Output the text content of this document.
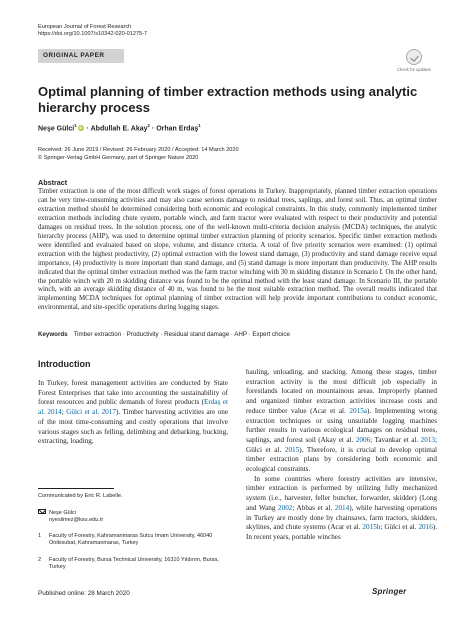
European Journal of Forest Research
https://doi.org/10.1007/s10342-020-01275-7
ORIGINAL PAPER
Check for updates
Optimal planning of timber extraction methods using analytic hierarchy process
Neşe Gülci$^1$ iD · Abdullah E. Akay$^2$ · Orhan Erdaş$^1$
Received: 26 June 2019 / Revised: 26 February 2020 / Accepted: 14 March 2020
© Springer-Verlag GmbH Germany, part of Springer Nature 2020
Abstract

Timber extraction is one of the most difficult work stages of forest operations in Turkey. Inappropriately, planned timber extraction operations can be very time-consuming activities and may also cause serious damage to residual trees, saplings, and forest soil. Thus, an optimal timber extraction method should be determined considering both economic and ecological constraints. In this study, commonly implemented timber extraction methods including chute system, portable winch, and farm tractor were evaluated with respect to their productivity and potential damages on residual trees. In the solution process, one of the well-known multi-criteria decision analysis (MCDA) techniques, the analytic hierarchy process (AHP), was used to determine optimal timber extraction planning of priority scenarios. Specific timber extraction methods were identified and evaluated based on slope, volume, and distance criteria. A total of five priority scenarios were examined: (1) optimal extraction with the highest productivity, (2) optimal extraction with the lowest stand damage, (3) productivity and stand damage receive equal importance, (4) productivity is more important than stand damage, and (5) stand damage is more important than productivity. The AHP results indicated that the optimal timber extraction method was the farm tractor winching with 30 m skidding distance in Scenario I. On the other hand, the portable winch with 20 m skidding distance was found to be the optimal method with the least stand damage. In Scenario III, the portable winch, with an average skidding distance of 40 m, was found to be the most suitable extraction method. The overall results indicated that implementing MCDA techniques for optimal planning of timber extraction will help provide important contributions to conduct economic, environmental, and site-specific operations during logging stages.

Keywords Timber extraction · Productivity · Residual stand damage · AHP · Expert choice
Introduction

In Turkey, forest management activities are conducted by State Forest Enterprises that take into accounting the sustainability of forest resources and public demands of forest products (Erdaş et al. 2014; Gülci et al. 2017). Timber harvesting activities are one of the most time-consuming and costly operations that involve various stages such as felling, delimbing and debarking, bucking, extracting, loading,

hauling, unloading, and stacking. Among these stages, timber extraction activity is the most difficult job especially in forestlands located on mountainous areas. Improperly planned and organized timber extraction activities increase costs and reduce timber value (Acar et al. 2015a). Implementing wrong extraction techniques or using unsuitable logging machines further results in various ecological damages on residual trees, saplings, and forest soil (Akay et al. 2006; Tavankar et al. 2013; Gülci et al. 2015). Therefore, it is crucial to develop optimal timber extraction plans by considering both economic and ecological constraints.

In some countries where forestry activities are intensive, timber extraction is performed by utilizing fully mechanized system (i.e., harvester, feller buncher, forwarder, skidder) (Long and Wang 2002; Abbas et al. 2014), while harvesting operations in Turkey are mostly done by chainsaws, farm tractors, skidders, skylines, and chute systems (Acar et al. 2015b; Gülci et al. 2016). In recent years, portable winches

Communicated by Eric R. Labelle.
Neşe Gülci
nyesilmez@ksu.edu.tr
1 Faculty of Forestry, Kahramanmaras Sutcu Imam University, 46040 Onikisubat, Kahramanmaras, Turkey
2 Faculty of Forestry, Bursa Technical University, 16310 Yıldırım, Bursa, Turkey
Published online: 28 March 2020	Springer
